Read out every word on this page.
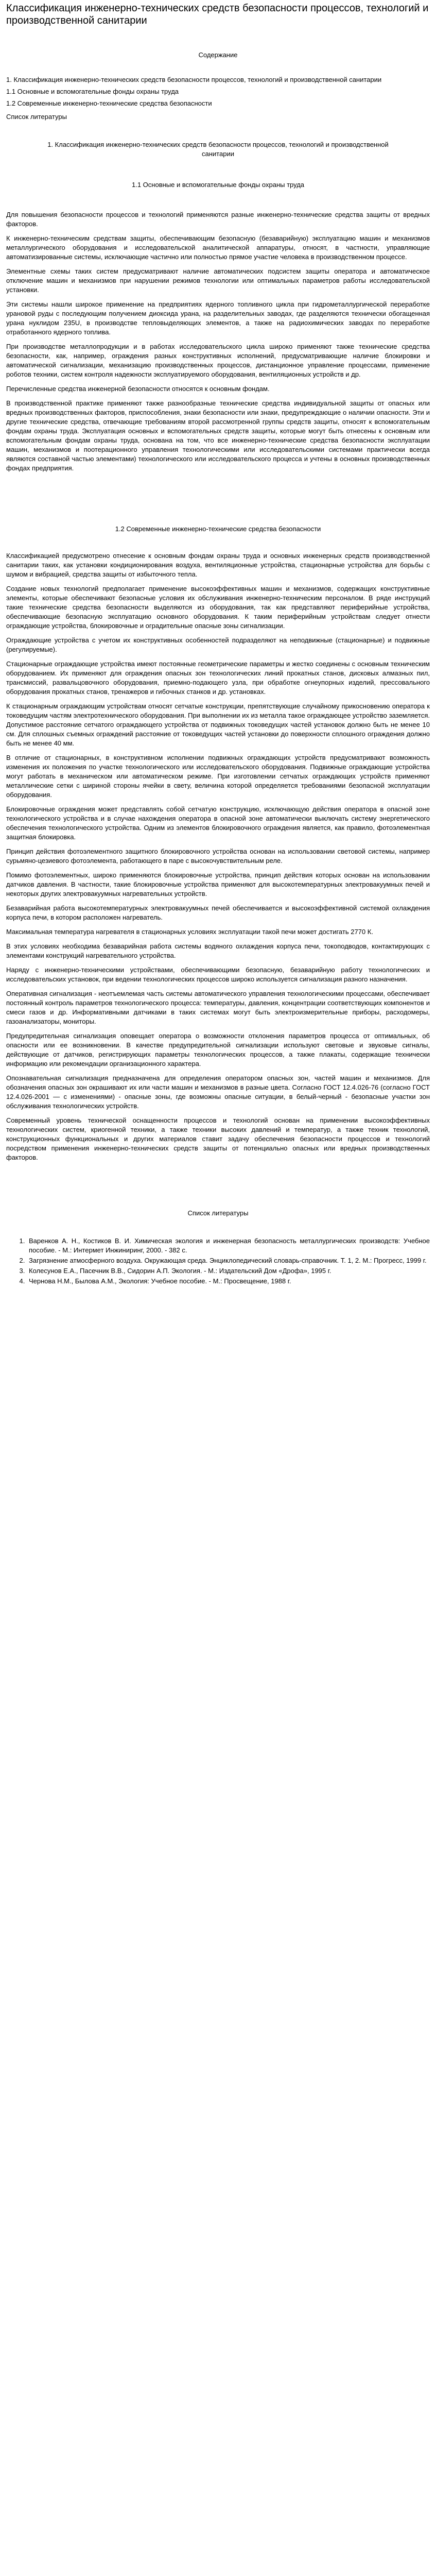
Классификация инженерно-технических средств безопасности процессов, технологий и производственной санитарии
Содержание
1. Классификация инженерно-технических средств безопасности процессов, технологий и производственной санитарии
1.1 Основные и вспомогательные фонды охраны труда
1.2 Современные инженерно-технические средства безопасности
Список литературы
1. Классификация инженерно-технических средств безопасности процессов, технологий и производственной санитарии
1.1 Основные и вспомогательные фонды охраны труда

Для повышения безопасности процессов и технологий применяются разные инженерно-технические средства защиты от вредных факторов.

К инженерно-техническим средствам защиты, обеспечивающим безопасную (безаварийную) эксплуатацию машин и механизмов металлургического оборудования и исследовательской аналитической аппаратуры, относят, в частности, управляющие автоматизированные системы, исключающие частично или полностью прямое участие человека в производственном процессе.

Элементные схемы таких систем предусматривают наличие автоматических подсистем защиты оператора и автоматическое отключение машин и механизмов при нарушении режимов технологии или оптимальных параметров работы исследовательской установки.

Эти системы нашли широкое применение на предприятиях ядерного топливного цикла при гидрометаллургической переработке урановой руды с последующим получением диоксида урана, на разделительных заводах, где разделяются технически обогащенная урана нуклидом 235U, в производстве тепловыделяющих элементов, а также на радиохимических заводах по переработке отработанного ядерного топлива.

При производстве металлопродукции и в работах исследовательского цикла широко применяют также технические средства безопасности, как, например, ограждения разных конструктивных исполнений, предусматривающие наличие блокировки и автоматической сигнализации, механизацию производственных процессов, дистанционное управление процессами, применение роботов техники, систем контроля надежности эксплуатируемого оборудования, вентиляционных устройств и др.

Перечисленные средства инженерной безопасности относятся к основным фондам.

В производственной практике применяют также разнообразные технические средства индивидуальной защиты от опасных или вредных производственных факторов, приспособления, знаки безопасности или знаки, предупреждающие о наличии опасности. Эти и другие технические средства, отвечающие требованиям второй рассмотренной группы средств защиты, относят к вспомогательным фондам охраны труда. Эксплуатация основных и вспомогательных средств защиты, которые могут быть отнесены к основным или вспомогательным фондам охраны труда, основана на том, что все инженерно-технические средства безопасности эксплуатации машин, механизмов и поотерационного управления технологическими или исследовательскими системами практически всегда являются составной частью элементами) технологического или исследовательского процесса и учтены в основных производственных фондах предприятия.

1.2 Современные инженерно-технические средства безопасности

Классификацией предусмотрено отнесение к основным фондам охраны труда и основных инженерных средств производственной санитарии таких, как установки кондиционирования воздуха, вентиляционные устройства, стационарные устройства для борьбы с шумом и вибрацией, средства защиты от избыточного тепла.

Создание новых технологий предполагает применение высокоэффективных машин и механизмов, содержащих конструктивные элементы, которые обеспечивают безопасные условия их обслуживания инженерно-техническим персоналом. В ряде инструкций такие технические средства безопасности выделяются из оборудования, так как представляют периферийные устройства, обеспечивающие безопасную эксплуатацию основного оборудования. К таким периферийным устройствам следует отнести ограждающие устройства, блокировочные и оградительные опасные зоны сигнализации.

Ограждающие устройства с учетом их конструктивных особенностей подразделяют на неподвижные (стационарные) и подвижные (регулируемые).

Стационарные ограждающие устройства имеют постоянные геометрические параметры и жестко соединены с основным техническим оборудованием. Их применяют для ограждения опасных зон технологических линий прокатных станов, дисковых алмазных пил, трансмиссий, развальцовочного оборудования, приемно-подающего узла, при обработке огнеупорных изделий, прессовального оборудования прокатных станов, тренажеров и гибочных станков и др. установках.

К стационарным ограждающим устройствам относят сетчатые конструкции, препятствующие случайному прикосновению оператора к токоведущим частям электротехнического оборудования. При выполнении их из металла такое ограждающее устройство заземляется. Допустимое расстояние сетчатого ограждающего устройства от подвижных токоведущих частей установок должно быть не менее 10 см. Для сплошных съемных ограждений расстояние от токоведущих частей установки до поверхности сплошного ограждения должно быть не менее 40 мм.

В отличие от стационарных, в конструктивном исполнении подвижных ограждающих устройств предусматривают возможность изменения их положения по участке технологического или исследовательского оборудования. Подвижные ограждающие устройства могут работать в механическом или автоматическом режиме. При изготовлении сетчатых ограждающих устройств применяют металлические сетки с шириной стороны ячейки в свету, величина которой определяется требованиями безопасной эксплуатации оборудования.

Блокировочные ограждения может представлять собой сетчатую конструкцию, исключающую действия оператора в опасной зоне технологического устройства и в случае нахождения оператора в опасной зоне автоматически выключать систему энергетического обеспечения технологического устройства. Одним из элементов блокировочного ограждения является, как правило, фотоэлементная защитная блокировка.

Принцип действия фотоэлементного защитного блокировочного устройства основан на использовании световой системы, например сурьмяно-цезиевого фотоэлемента, работающего в паре с высокочувствительным реле.

Помимо фотоэлементных, широко применяются блокировочные устройства, принцип действия которых основан на использовании датчиков давления. В частности, такие блокировочные устройства применяют для высокотемпературных электровакуумных печей и некоторых других электровакуумных нагревательных устройств.

Безаварийная работа высокотемпературных электровакуумных печей обеспечивается и высокоэффективной системой охлаждения корпуса печи, в котором расположен нагреватель.

Максимальная температура нагревателя в стационарных условиях эксплуатации такой печи может достигать 2770 К.

В этих условиях необходима безаварийная работа системы водяного охлаждения корпуса печи, токоподводов, контактирующих с элементами конструкций нагревательного устройства.

Наряду с инженерно-техническими устройствами, обеспечивающими безопасную, безаварийную работу технологических и исследовательских установок, при ведении технологических процессов широко используется сигнализация разного назначения.

Оперативная сигнализация - неотъемлемая часть системы автоматического управления технологическими процессами, обеспечивает постоянный контроль параметров технологического процесса: температуры, давления, концентрации соответствующих компонентов и смеси газов и др. Информативными датчиками в таких системах могут быть электроизмерительные приборы, расходомеры, газоанализаторы, мониторы.

Предупредительная сигнализация оповещает оператора о возможности отклонения параметров процесса от оптимальных, об опасности или ее возникновении. В качестве предупредительной сигнализации используют световые и звуковые сигналы, действующие от датчиков, регистрирующих параметры технологических процессов, а также плакаты, содержащие технически информацию или рекомендации организационного характера.

Опознавательная сигнализация предназначена для определения оператором опасных зон, частей машин и механизмов. Для обозначения опасных зон окрашивают их или части машин и механизмов в разные цвета. Согласно ГОСТ 12.4.026-76 (согласно ГОСТ 12.4.026-2001 — с изменениями) - опасные зоны, где возможны опасные ситуации, в белый-черный - безопасные участки зон обслуживания технологических устройств.

Современный уровень технической оснащенности процессов и технологий основан на применении высокоэффективных технологических систем, криогенной техники, а также техники высоких давлений и температур, а также техник технологий, конструкционных функциональных и других материалов ставит задачу обеспечения безопасности процессов и технологий посредством применения инженерно-технических средств защиты от потенциально опасных или вредных производственных факторов.

Список литературы
1. Варенков А. Н., Костиков В. И. Химическая экология и инженерная безопасность металлургических производств: Учебное пособие. - М.: Интермет Инжиниринг, 2000. - 382 с.
2. Загрязнение атмосферного воздуха. Окружающая среда. Энциклопедический словарь-справочник. Т. 1, 2. М.: Прогресс, 1999 г.
3. Колесунов Е.А., Пасечник В.В., Сидорин А.П. Экология. - М.: Издательский Дом «Дрофа», 1995 г.
4. Чернова Н.М., Былова А.М., Экология: Учебное пособие. - М.: Просвещение, 1988 г.
